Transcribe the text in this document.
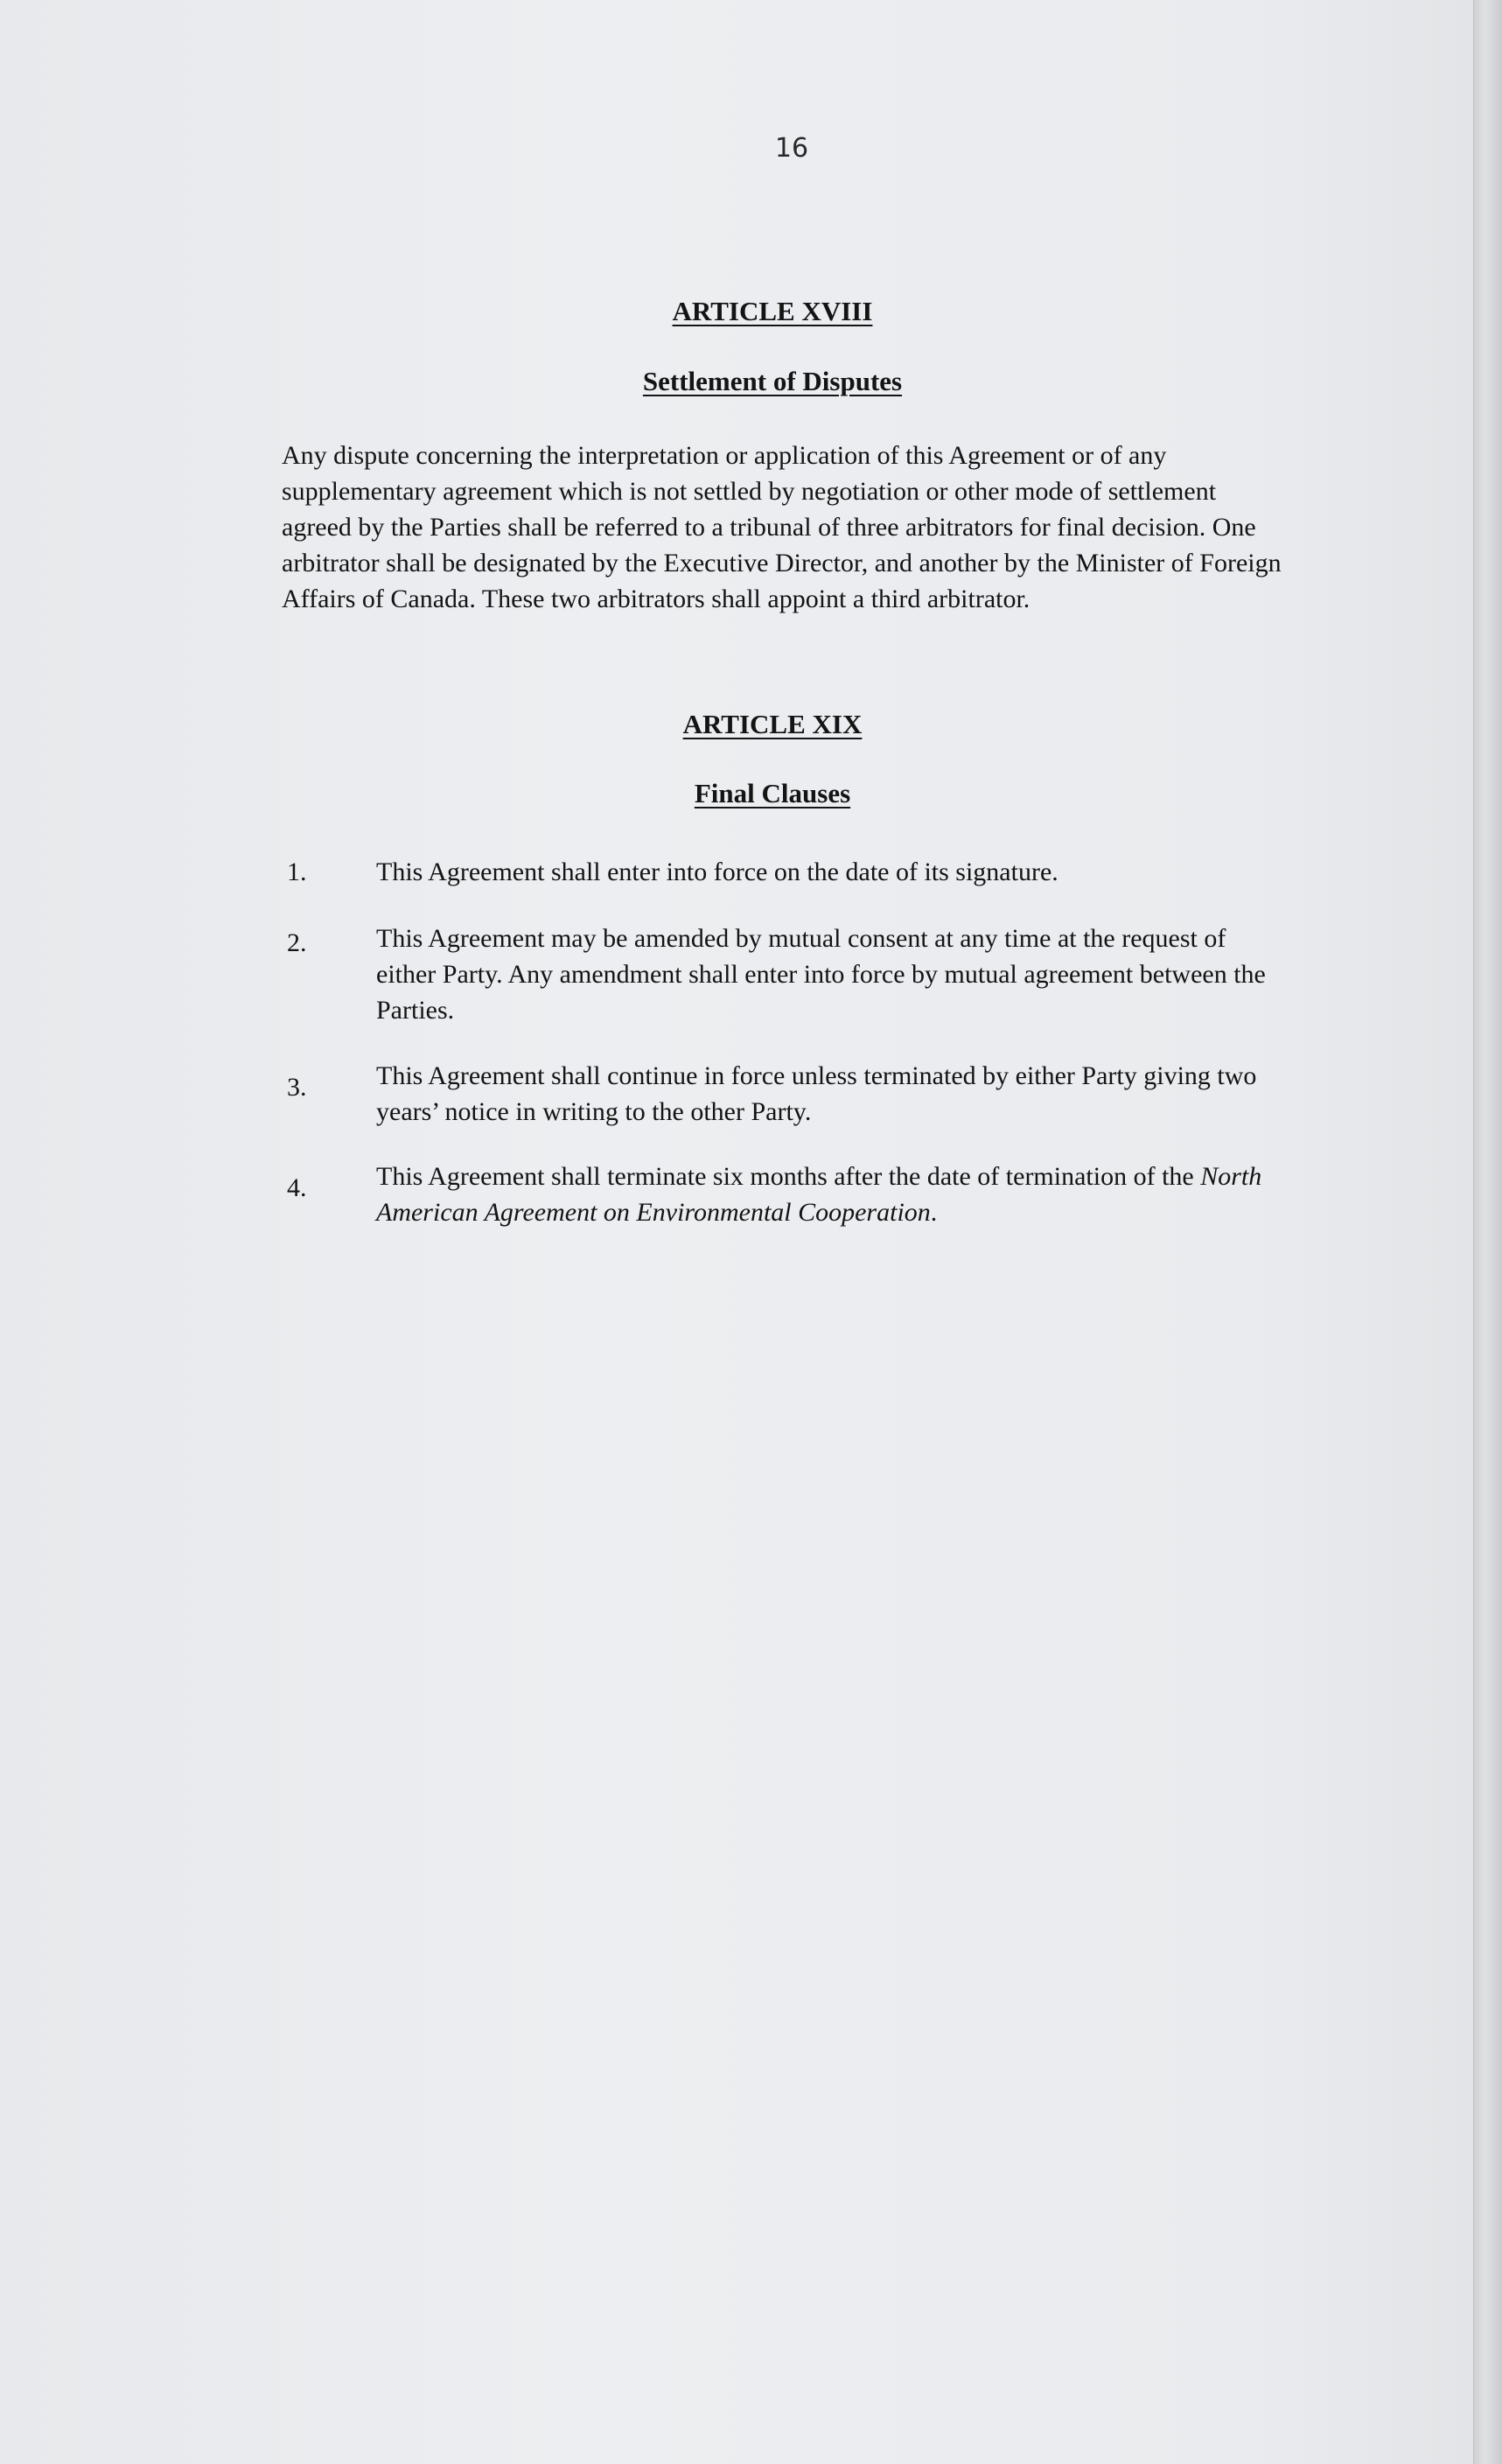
16
ARTICLE XVIII
Settlement of Disputes
Any dispute concerning the interpretation or application of this Agreement or of any supplementary agreement which is not settled by negotiation or other mode of settlement agreed by the Parties shall be referred to a tribunal of three arbitrators for final decision. One arbitrator shall be designated by the Executive Director, and another by the Minister of Foreign Affairs of Canada. These two arbitrators shall appoint a third arbitrator.
ARTICLE XIX
Final Clauses
1.	This Agreement shall enter into force on the date of its signature.
2.	This Agreement may be amended by mutual consent at any time at the request of either Party. Any amendment shall enter into force by mutual agreement between the Parties.
3.	This Agreement shall continue in force unless terminated by either Party giving two years’ notice in writing to the other Party.
4.	This Agreement shall terminate six months after the date of termination of the North American Agreement on Environmental Cooperation.
